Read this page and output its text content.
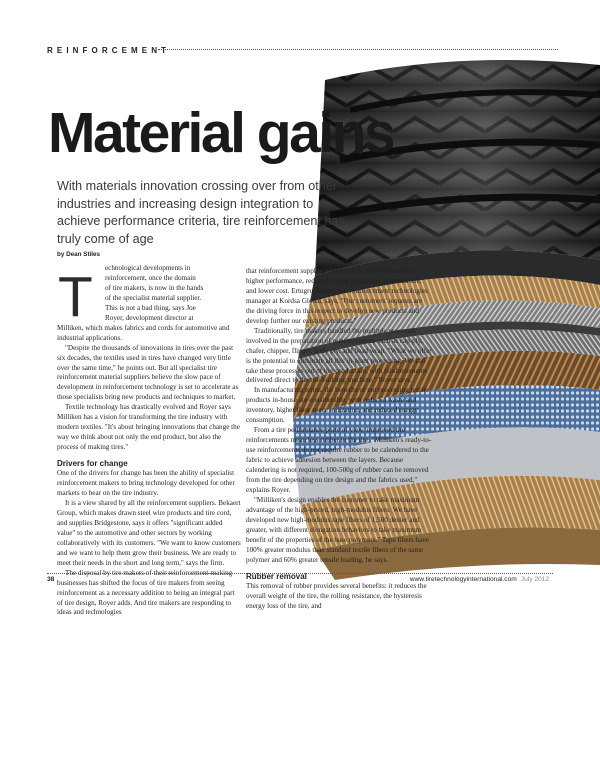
REINFORCEMENT
Material gains
With materials innovation crossing over from other industries and increasing design integration to achieve performance criteria, tire reinforcement has truly come of age
by Dean Stiles
T echnological developments in
reinforcement, once the domain
of tire makers, is now in the hands
of the specialist material supplier.
This is not a bad thing, says Joe
Royer, development director at

Milliken, which makes fabrics and cords for automotive and industrial applications.

"Despite the thousands of innovations in tires over the past six decades, the textiles used in tires have changed very little over the same time," he points out. But all specialist tire reinforcement material suppliers believe the slow pace of development in reinforcement technology is set to accelerate as those specialists bring new products and techniques to market.

Textile technology has drastically evolved and Royer says Milliken has a vision for transforming the tire industry with modern textiles. "It's about bringing innovations that change the way we think about not only the end product, but also the process of making tires."

Drivers for change

One of the drivers for change has been the ability of specialist reinforcement makers to bring technology developed for other markets to bear on the tire industry.

It is a view shared by all the reinforcement suppliers. Bekaert Group, which makes drawn steel wire products and tire cord, and supplies Bridgestone, says it offers "significant added value" to the automotive and other sectors by working collaboratively with its customers. "We want to know customers and we want to help them grow their business. We are ready to meet their needs in the short and long term," says the firm.

The disposal by tire makers of their reinforcement-making businesses has shifted the focus of tire makers from seeing reinforcement as a necessary addition to being an integral part of tire design, Royer adds. And tire makers are responding to ideas and technologies

that reinforcement suppliers can bring to meet demands for higher performance, reduced rolling resistance, extended life, and lower cost. Ertugrul Bahan, tire reinforcement technologies manager at Kordsa Global, says, "Our customers' requests are the driving force in this respect to develop new products and develop further our existing products."

Traditionally, tire makers handled the multiple processes involved in the preparation of reinforcements such as cap-ply, chafer, chipper, flipper, body ply, and bead wrap. "What we offer is the potential to eliminate all this in-plant processing. We can take these processes out of tire production, with reinforcements delivered direct to the tire-building machine," Royer says.

In manufacturing terms, the benefits of not processing textile products in-house are considerable, with reduced waste and inventory, higher floor space utilization, and reduced energy consumption.

From a tire performance point of view, improved tire reinforcements mean less rubber in the tire. "Milliken's ready-to-use reinforcements do not require rubber to be calendered to the fabric to achieve adhesion between the layers. Because calendering is not required, 100-500g of rubber can be removed from the tire depending on tire design and the fabrics used," explains Royer.

"Milliken's design enables the customer to take maximum advantage of the high-priced, high-modulus fibers. We have developed new high-modulus tape fibers of 1,500 denier and greater, with different elongation behaviors to take maximum benefit of the properties of the base polymers." Tape fibers have 100% greater modulus than standard textile fibers of the same polymer and 60% greater tensile loading, he says.

Rubber removal

This removal of rubber provides several benefits: it reduces the overall weight of the tire, the rolling resistance, the hysteresis energy loss of the tire, and

38	www.tiretechnologyinternational.com July 2012
